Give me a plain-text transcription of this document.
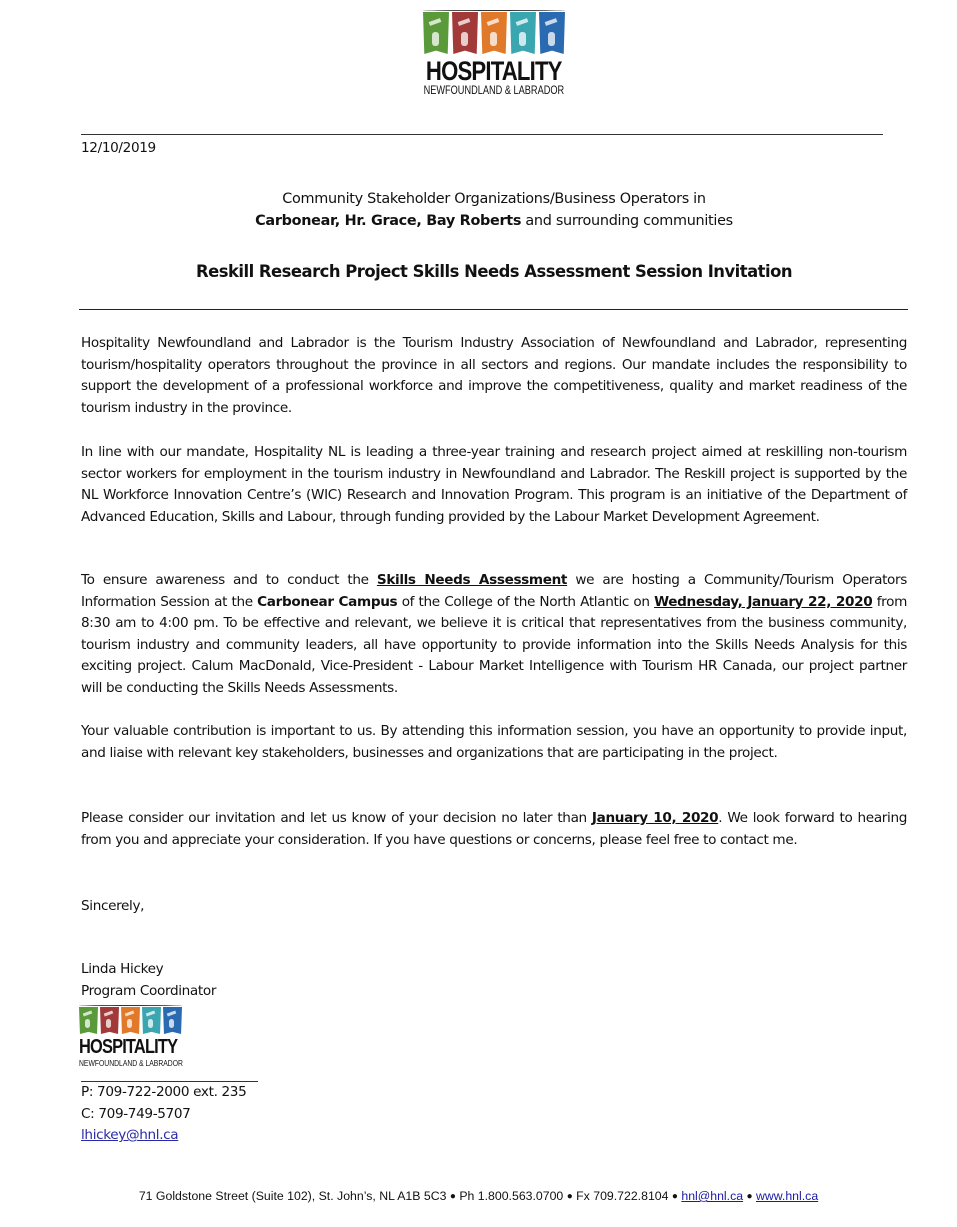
HOSPITALITY
NEWFOUNDLAND & LABRADOR
12/10/2019
Community Stakeholder Organizations/Business Operators in
Carbonear, Hr. Grace, Bay Roberts and surrounding communities
Reskill Research Project Skills Needs Assessment Session Invitation
Hospitality Newfoundland and Labrador is the Tourism Industry Association of Newfoundland and Labrador, representing tourism/hospitality operators throughout the province in all sectors and regions. Our mandate includes the responsibility to support the development of a professional workforce and improve the competitiveness, quality and market readiness of the tourism industry in the province.
In line with our mandate, Hospitality NL is leading a three-year training and research project aimed at reskilling non-tourism sector workers for employment in the tourism industry in Newfoundland and Labrador. The Reskill project is supported by the NL Workforce Innovation Centre’s (WIC) Research and Innovation Program. This program is an initiative of the Department of Advanced Education, Skills and Labour, through funding provided by the Labour Market Development Agreement.
To ensure awareness and to conduct the Skills Needs Assessment we are hosting a Community/Tourism Operators Information Session at the Carbonear Campus of the College of the North Atlantic on Wednesday, January 22, 2020 from 8:30 am to 4:00 pm. To be effective and relevant, we believe it is critical that representatives from the business community, tourism industry and community leaders, all have opportunity to provide information into the Skills Needs Analysis for this exciting project. Calum MacDonald, Vice-President - Labour Market Intelligence with Tourism HR Canada, our project partner will be conducting the Skills Needs Assessments.
Your valuable contribution is important to us. By attending this information session, you have an opportunity to provide input, and liaise with relevant key stakeholders, businesses and organizations that are participating in the project.
Please consider our invitation and let us know of your decision no later than January 10, 2020. We look forward to hearing from you and appreciate your consideration. If you have questions or concerns, please feel free to contact me.
Sincerely,
Linda Hickey
Program Coordinator
HOSPITALITY
NEWFOUNDLAND & LABRADOR
P: 709-722-2000 ext. 235
C: 709-749-5707
lhickey@hnl.ca
71 Goldstone Street (Suite 102), St. John’s, NL A1B 5C3 ● Ph 1.800.563.0700 ● Fx 709.722.8104 ● hnl@hnl.ca ● www.hnl.ca
